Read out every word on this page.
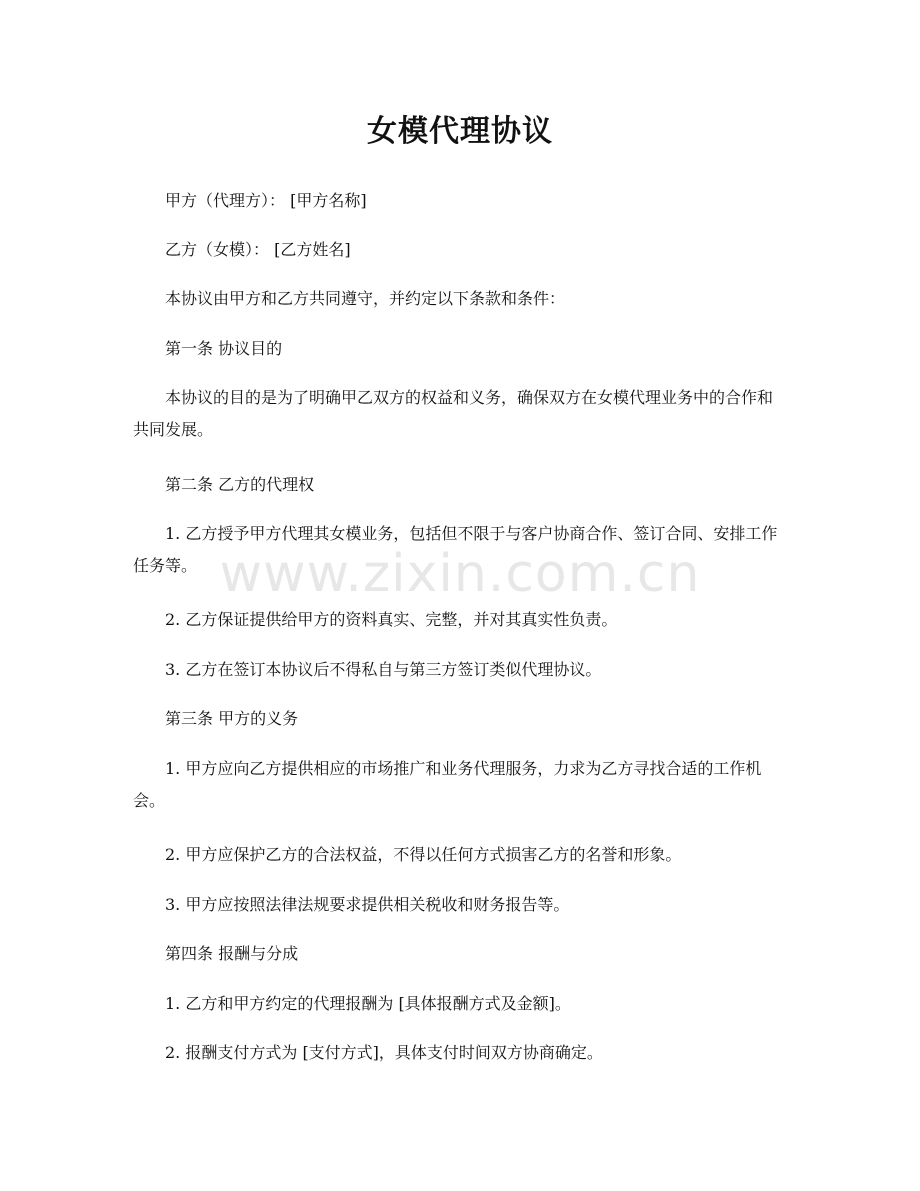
女模代理协议

甲方（代理方）： [甲方名称]

乙方（女模）： [乙方姓名]

本协议由甲方和乙方共同遵守，并约定以下条款和条件：

第一条 协议目的

本协议的目的是为了明确甲乙双方的权益和义务，确保双方在女模代理业务中的合作和共同发展。

第二条 乙方的代理权

1. 乙方授予甲方代理其女模业务，包括但不限于与客户协商合作、签订合同、安排工作任务等。

2. 乙方保证提供给甲方的资料真实、完整，并对其真实性负责。

3. 乙方在签订本协议后不得私自与第三方签订类似代理协议。

第三条 甲方的义务

1. 甲方应向乙方提供相应的市场推广和业务代理服务，力求为乙方寻找合适的工作机会。

2. 甲方应保护乙方的合法权益，不得以任何方式损害乙方的名誉和形象。

3. 甲方应按照法律法规要求提供相关税收和财务报告等。

第四条 报酬与分成

1. 乙方和甲方约定的代理报酬为 [具体报酬方式及金额]。

2. 报酬支付方式为 [支付方式]，具体支付时间双方协商确定。

www.zixin.com.cn
